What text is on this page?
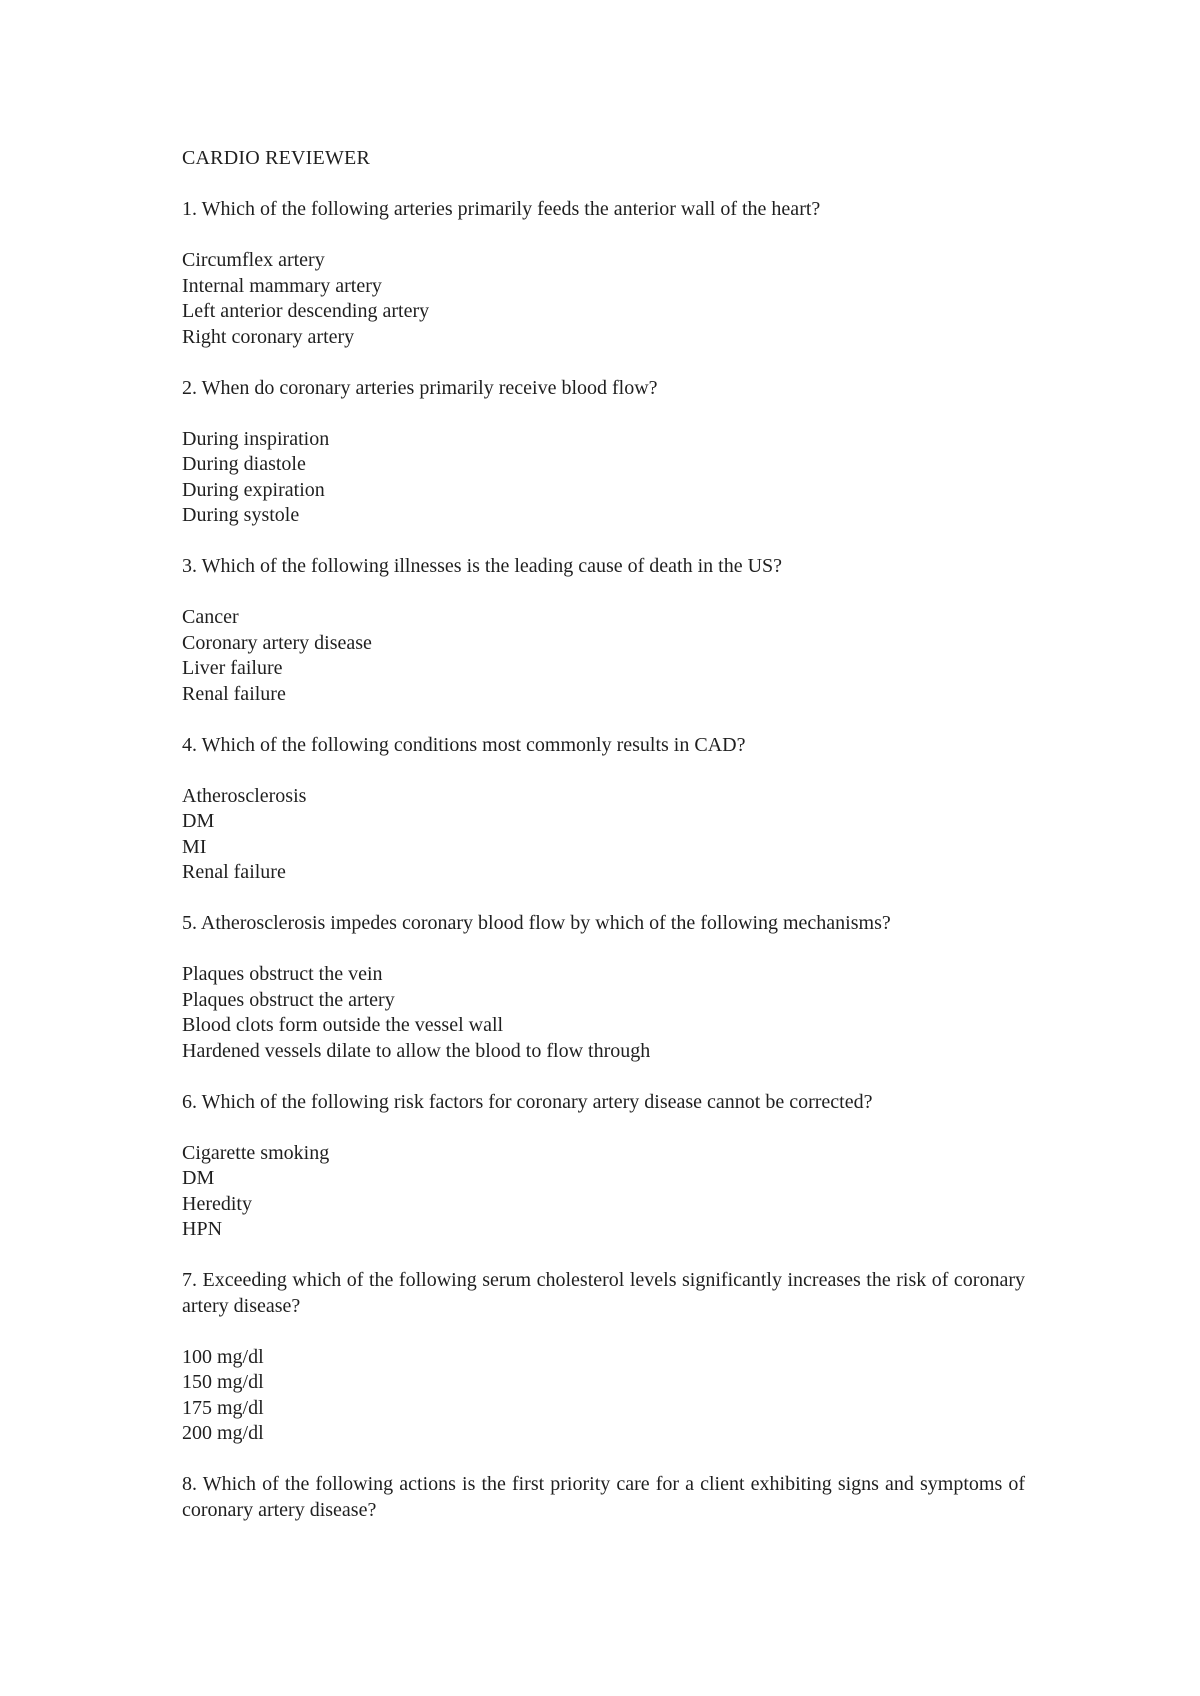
CARDIO REVIEWER

1. Which of the following arteries primarily feeds the anterior wall of the heart?

Circumflex artery
Internal mammary artery
Left anterior descending artery
Right coronary artery

2. When do coronary arteries primarily receive blood flow?

During inspiration
During diastole
During expiration
During systole

3. Which of the following illnesses is the leading cause of death in the US?

Cancer
Coronary artery disease
Liver failure
Renal failure

4. Which of the following conditions most commonly results in CAD?

Atherosclerosis
DM
MI
Renal failure

5. Atherosclerosis impedes coronary blood flow by which of the following mechanisms?

Plaques obstruct the vein
Plaques obstruct the artery
Blood clots form outside the vessel wall
Hardened vessels dilate to allow the blood to flow through

6. Which of the following risk factors for coronary artery disease cannot be corrected?

Cigarette smoking
DM
Heredity
HPN

7. Exceeding which of the following serum cholesterol levels significantly increases the risk of coronary artery disease?

100 mg/dl
150 mg/dl
175 mg/dl
200 mg/dl

8. Which of the following actions is the first priority care for a client exhibiting signs and symptoms of coronary artery disease?
